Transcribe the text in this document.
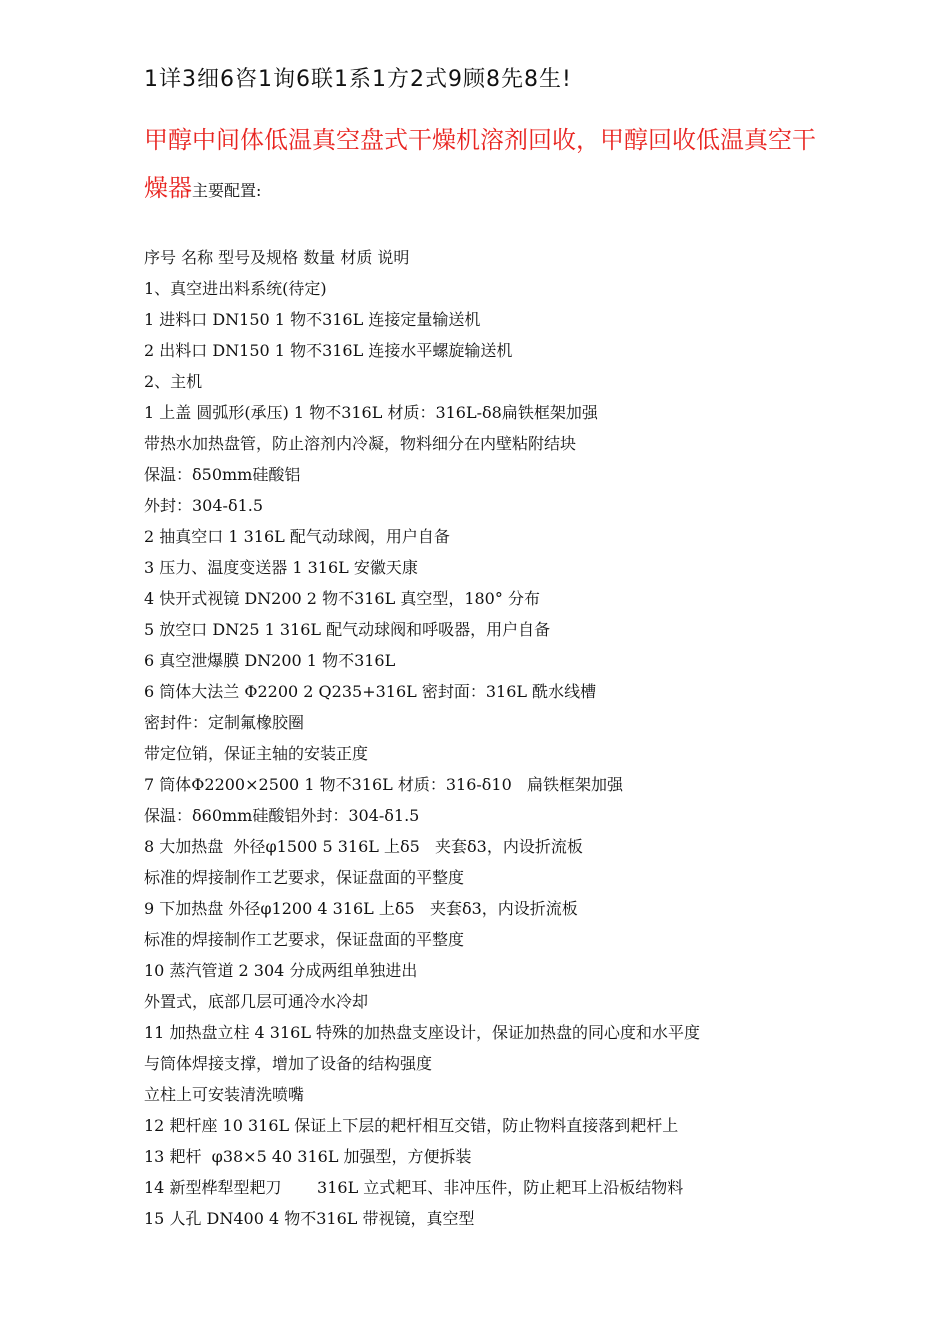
1详3细6咨1询6联1系1方2式9顾8先8生!
甲醇中间体低温真空盘式干燥机溶剂回收，甲醇回收低温真空干燥器主要配置:
序号 名称 型号及规格 数量 材质 说明
1、真空进出料系统(待定)
1 进料口 DN150 1 物不316L 连接定量输送机
2 出料口 DN150 1 物不316L 连接水平螺旋输送机
2、主机
1 上盖 圆弧形(承压) 1 物不316L 材质：316L-δ8扁铁框架加强
带热水加热盘管，防止溶剂内冷凝，物料细分在内壁粘附结块
保温：δ50mm硅酸铝
外封：304-δ1.5
2 抽真空口 1 316L 配气动球阀，用户自备
3 压力、温度变送器 1 316L 安徽天康
4 快开式视镜 DN200 2 物不316L 真空型，180° 分布
5 放空口 DN25 1 316L 配气动球阀和呼吸器，用户自备
6 真空泄爆膜 DN200 1 物不316L
6 筒体大法兰 Φ2200 2 Q235+316L 密封面：316L 酰水线槽
密封件：定制氟橡胶圈
带定位销，保证主轴的安装正度
7 筒体Φ2200×2500 1 物不316L 材质：316-δ10   扁铁框架加强
保温：δ60mm硅酸铝外封：304-δ1.5
8 大加热盘  外径φ1500 5 316L 上δ5   夹套δ3，内设折流板
标准的焊接制作工艺要求，保证盘面的平整度
9 下加热盘 外径φ1200 4 316L 上δ5   夹套δ3，内设折流板
标准的焊接制作工艺要求，保证盘面的平整度
10 蒸汽管道 2 304 分成两组单独进出
外置式，底部几层可通冷水冷却
11 加热盘立柱 4 316L 特殊的加热盘支座设计，保证加热盘的同心度和水平度
与筒体焊接支撑，增加了设备的结构强度
立柱上可安装清洗喷嘴
12 耙杆座 10 316L 保证上下层的耙杆相互交错，防止物料直接落到耙杆上
13 耙杆  φ38×5 40 316L 加强型，方便拆装
14 新型桦犁型耙刀       316L 立式耙耳、非冲压件，防止耙耳上沿板结物料
15 人孔 DN400 4 物不316L 带视镜，真空型
